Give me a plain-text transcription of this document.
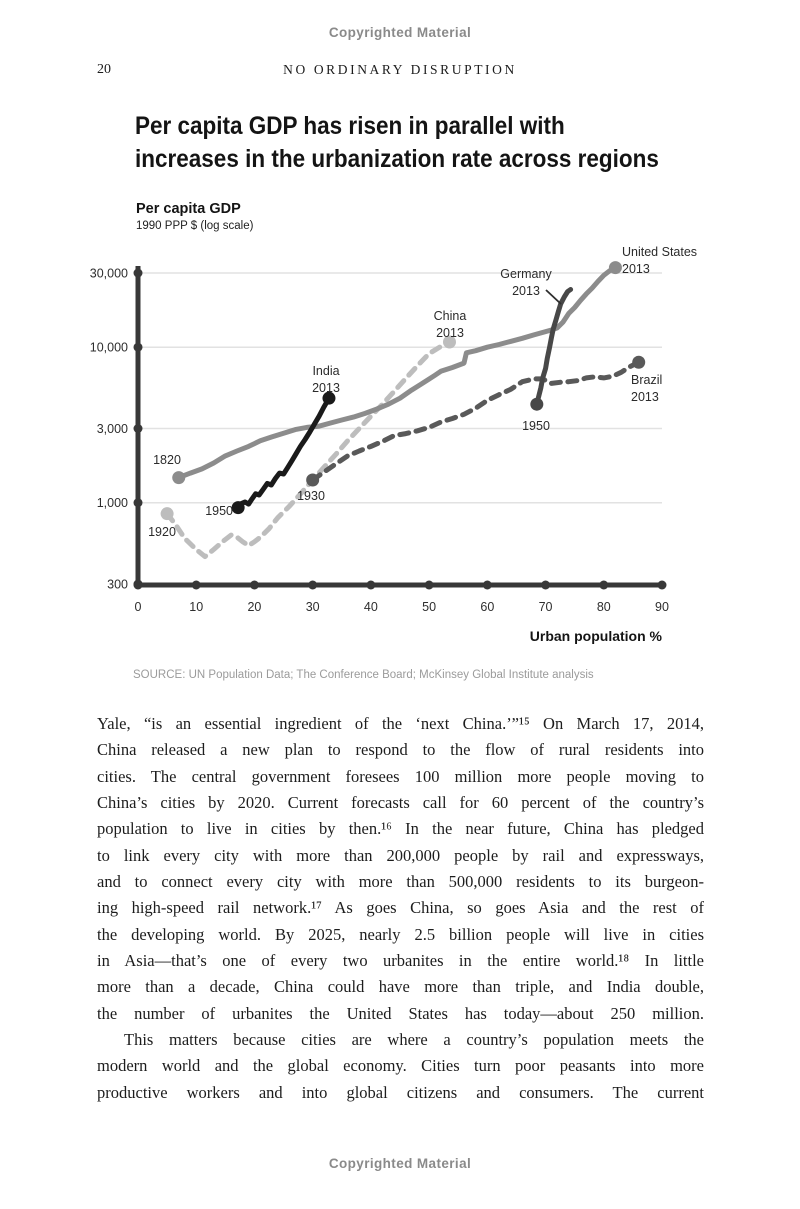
Copyrighted Material
20	NO ORDINARY DISRUPTION
Per capita GDP has risen in parallel with
increases in the urbanization rate across regions
Per capita GDP
1990 PPP $ (log scale)
300
1,000
3,000
10,000
30,000
0	10	20	30	40	50	60	70	80	90
United States 2013
Germany 2013
China 2013
India 2013
Brazil 2013
1820
1920
1950
1930
1950
Urban population %
SOURCE: UN Population Data; The Conference Board; McKinsey Global Institute analysis
Yale, “is an essential ingredient of the ‘next China.’”¹⁵ On March 17, 2014,
China released a new plan to respond to the flow of rural residents into
cities. The central government foresees 100 million more people moving to
China’s cities by 2020. Current forecasts call for 60 percent of the country’s
population to live in cities by then.¹⁶ In the near future, China has pledged
to link every city with more than 200,000 people by rail and expressways,
and to connect every city with more than 500,000 residents to its burgeon-
ing high-speed rail network.¹⁷ As goes China, so goes Asia and the rest of
the developing world. By 2025, nearly 2.5 billion people will live in cities
in Asia—that’s one of every two urbanites in the entire world.¹⁸ In little
more than a decade, China could have more than triple, and India double,
the number of urbanites the United States has today—about 250 million.
This matters because cities are where a country’s population meets the
modern world and the global economy. Cities turn poor peasants into more
productive workers and into global citizens and consumers. The current
Copyrighted Material
